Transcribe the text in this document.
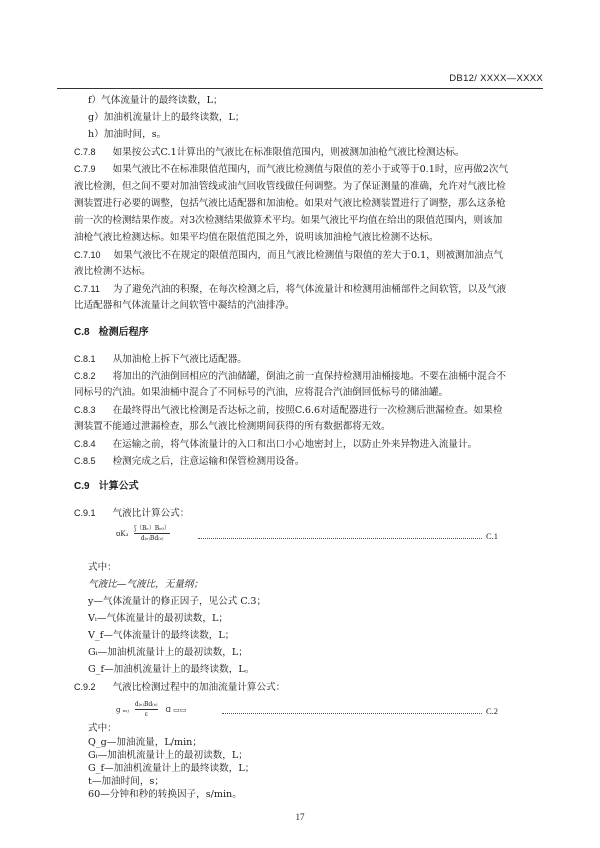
DB12/ XXXX—XXXX
f）气体流量计的最终读数，L；
g）加油机流量计上的最终读数，L；
h）加油时间，s。
C.7.8 如果按公式C.1计算出的气液比在标准限值范围内，则被测加油枪气液比检测达标。
C.7.9 如果气液比不在标准限值范围内，而气液比检测值与限值的差小于或等于0.1时，应再做2次气
液比检测，但之间不要对加油管线或油气回收管线做任何调整。为了保证测量的准确，允许对气液比检
测装置进行必要的调整，包括气液比适配器和加油枪。如果对气液比检测装置进行了调整，那么这条枪
前一次的检测结果作废。对3次检测结果做算术平均。如果气液比平均值在给出的限值范围内，则该加
油枪气液比检测达标。如果平均值在限值范围之外，说明该加油枪气液比检测不达标。
C.7.10 如果气液比不在规定的限值范围内，而且气液比检测值与限值的差大于0.1，则被测加油点气
液比检测不达标。
C.7.11 为了避免汽油的积聚，在每次检测之后，将气体流量计和检测用油桶部件之间软管，以及气液
比适配器和气体流量计之间软管中凝结的汽油排净。
C.8 检测后程序
C.8.1 从加油枪上拆下气液比适配器。
C.8.2 将加出的汽油倒回相应的汽油储罐，倒油之前一直保持检测用油桶接地。不要在油桶中混合不
同标号的汽油。如果油桶中混合了不同标号的汽油，应将混合汽油倒回低标号的储油罐。
C.8.3 在最终得出气液比检测是否达标之前，按照C.6.6对适配器进行一次检测后泄漏检查。如果检
测装置不能通过泄漏检查，那么气液比检测期间获得的所有数据都将无效。
C.8.4 在运输之前，将气体流量计的入口和出口小心地密封上，以防止外来异物进入流量计。
C.8.5 检测完成之后，注意运输和保管检测用设备。
C.9 计算公式
C.9.1 气液比计算公式：
ʊK₃ $\frac{\text{ʃ（Bₑ）Bₑ₀）}}{\text{d₍ₑ₎Bd₍ₑ₎}}$	C.1
式中：
气液比—气液比，无量纲；
y—气体流量计的修正因子，见公式 C.3；
Vᵢ—气体流量计的最初读数，L；
V_f—气体流量计的最终读数，L；
Gᵢ—加油机流量计上的最初读数，L；
G_f—加油机流量计上的最终读数，L。
C.9.2 气液比检测过程中的加油流量计算公式：
ɡ ₘⱼ $\frac{\text{d₍ₑ₎Bd₍ₑ₎}}{\text{ɛ}}$ ᗡ ▭▭	C.2
式中：
17
Q_g—加油流量，L/min；
Gᵢ—加油机流量计上的最初读数，L；
G_f—加油机流量计上的最终读数，L；
t—加油时间，s；
60—分钟和秒的转换因子，s/min。
